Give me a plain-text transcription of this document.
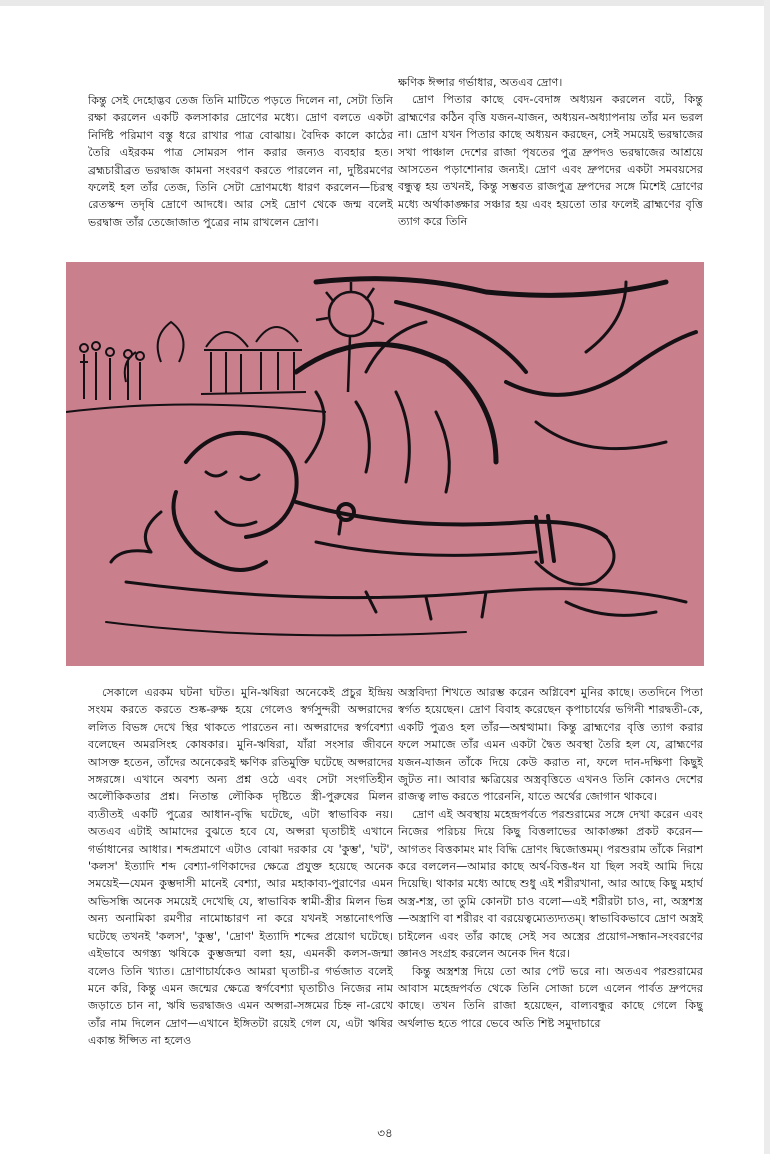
কিন্তু সেই দেহোদ্ভব তেজ তিনি মাটিতে পড়তে দিলেন না, সেটা তিনি রক্ষা করলেন একটি কলসাকার দ্রোণের মধ্যে। দ্রোণ বলতে একটা নির্দিষ্ট পরিমাণ বস্তু ধরে রাখার পাত্র বোঝায়। বৈদিক কালে কাঠের তৈরি এইরকম পাত্র সোমরস পান করার জন্যও ব্যবহার হত। ব্রহ্মচারীব্রত ভরদ্বাজ কামনা সংবরণ করতে পারলেন না, দুষ্টিরমণের ফলেই হল তাঁর তেজ, তিনি সেটা দ্রোণমধ্যে ধারণ করলেন—চিরস্থ রেতস্কন্দ তদৃষি দ্রোণে আদধে। আর সেই দ্রোণ থেকে জন্ম বলেই ভরদ্বাজ তাঁর তেজোজাত পুত্রের নাম রাখলেন দ্রোণ।

ক্ষণিক ঈপ্সার গর্ভাধার, অতএব দ্রোণ।

দ্রোণ পিতার কাছে বেদ-বেদাঙ্গ অধ্যয়ন করলেন বটে, কিন্তু ব্রাহ্মণের কঠিন বৃত্তি যজন-যাজন, অধ্যয়ন-অধ্যাপনায় তাঁর মন ভরল না। দ্রোণ যখন পিতার কাছে অধ্যয়ন করছেন, সেই সময়েই ভরদ্বাজের সখা পাঞ্চাল দেশের রাজা পৃষতের পুত্র দ্রুপদও ভরদ্বাজের আশ্রয়ে আসতেন পড়াশোনার জন্যই। দ্রোণ এবং দ্রুপদের একটা সমবয়সের বন্ধুত্ব হয় তখনই, কিন্তু সম্ভবত রাজপুত্র দ্রুপদের সঙ্গে মিশেই দ্রোণের মধ্যে অর্থাকাঙ্ক্ষার সঞ্চার হয় এবং হয়তো তার ফলেই ব্রাহ্মণের বৃত্তি ত্যাগ করে তিনি

সেকালে এরকম ঘটনা ঘটত। মুনি-ঋষিরা অনেকেই প্রচুর ইন্দ্রিয় সংযম করতে করতে শুষ্ক-রুক্ষ হয়ে গেলেও স্বর্গসুন্দরী অপ্সরাদের ললিত বিভঙ্গ দেখে স্থির থাকতে পারতেন না। অপ্সরাদের স্বর্গবেশ্যা বলেছেন অমরসিংহ কোষকার। মুনি-ঋষিরা, যাঁরা সংসার জীবনে আসক্ত হতেন, তাঁদের অনেকেরই ক্ষণিক রতিমুক্তি ঘটেছে অপ্সরাদের সঙ্গরঙ্গে। এখানে অবশ্য অন্য প্রশ্ন ওঠে এবং সেটা সংগতিহীন অলৌকিকতার প্রশ্ন। নিতান্ত লৌকিক দৃষ্টিতে স্ত্রী-পুরুষের মিলন ব্যতীতই একটি পুত্রের আধান-বৃদ্ধি ঘটেছে, এটা স্বাভাবিক নয়। অতএব এটাই আমাদের বুঝতে হবে যে, অপ্সরা ঘৃতাচীই এখানে গর্ভাধানের আধার। শব্দপ্রমাণে এটাও বোঝা দরকার যে 'কুম্ভ', 'ঘট', 'কলস' ইত্যাদি শব্দ বেশ্যা-গণিকাদের ক্ষেত্রে প্রযুক্ত হয়েছে অনেক সময়েই—যেমন কুম্ভদাসী মানেই বেশ্যা, আর মহাকাব্য-পুরাণের এমন অভিসন্ধি অনেক সময়েই দেখেছি যে, স্বাভাবিক স্বামী-স্ত্রীর মিলন ভিন্ন অন্য অনামিকা রমণীর নামোচ্চারণ না করে যখনই সন্তানোৎপত্তি ঘটেছে তখনই 'কলস', 'কুম্ভ', 'দ্রোণ' ইত্যাদি শব্দের প্রয়োগ ঘটেছে। এইভাবে অগস্ত্য ঋষিকে কুম্ভজন্মা বলা হয়, এমনকী কলস-জন্মা বলেও তিনি খ্যাত। দ্রোণাচার্যকেও আমরা ঘৃতাচী-র গর্ভজাত বলেই মনে করি, কিন্তু এমন জন্মের ক্ষেত্রে স্বর্গবেশ্যা ঘৃতাচীও নিজের নাম জড়াতে চান না, ঋষি ভরদ্বাজও এমন অপ্সরা-সঙ্গমের চিহ্ন না-রেখে তাঁর নাম দিলেন দ্রোণ—এখানে ইঙ্গিতটা রয়েই গেল যে, এটা ঋষির একান্ত ঈপ্সিত না হলেও

অস্ত্রবিদ্যা শিখতে আরম্ভ করেন অগ্নিবেশ মুনির কাছে। ততদিনে পিতা স্বর্গত হয়েছেন। দ্রোণ বিবাহ করেছেন কৃপাচার্যের ভগিনী শারদ্বতী-কে, একটি পুত্রও হল তাঁর—অশ্বত্থামা। কিন্তু ব্রাহ্মণের বৃত্তি ত্যাগ করার ফলে সমাজে তাঁর এমন একটা দ্বৈত অবস্থা তৈরি হল যে, ব্রাহ্মণের যজন-যাজন তাঁকে দিয়ে কেউ করাত না, ফলে দান-দক্ষিণা কিছুই জুটত না। আবার ক্ষত্রিয়ের অস্ত্রবৃত্তিতে এখনও তিনি কোনও দেশের রাজত্ব লাভ করতে পারেননি, যাতে অর্থের জোগান থাকবে।

দ্রোণ এই অবস্থায় মহেন্দ্রপর্বতে পরশুরামের সঙ্গে দেখা করেন এবং নিজের পরিচয় দিয়ে কিছু বিত্তলাভের আকাঙ্ক্ষা প্রকট করেন—আগতং বিত্তকামং মাং বিদ্ধি দ্রোণং দ্বিজোত্তমম্। পরশুরাম তাঁকে নিরাশ করে বললেন—আমার কাছে অর্থ-বিত্ত-ধন যা ছিল সবই আমি দিয়ে দিয়েছি। থাকার মধ্যে আছে শুধু এই শরীরখানা, আর আছে কিছু মহার্ঘ অস্ত্র-শস্ত্র, তা তুমি কোনটা চাও বলো—এই শরীরটা চাও, না, অস্ত্রশস্ত্র—অস্ত্রাণি বা শরীরং বা বরয়েত্বম্যেত্যদ্যতম্। স্বাভাবিকভাবে দ্রোণ অস্ত্রই চাইলেন এবং তাঁর কাছে সেই সব অস্ত্রের প্রয়োগ-সন্ধান-সংবরণের জ্ঞানও সংগ্রহ করলেন অনেক দিন ধরে।

কিন্তু অস্ত্রশস্ত্র দিয়ে তো আর পেট ভরে না। অতএব পরশুরামের আবাস মহেন্দ্রপর্বত থেকে তিনি সোজা চলে এলেন পার্বত দ্রুপদের কাছে। তখন তিনি রাজা হয়েছেন, বাল্যবন্ধুর কাছে গেলে কিছু অর্থলাভ হতে পারে ভেবে অতি শিষ্ট সমুদাচারে

৩৪
